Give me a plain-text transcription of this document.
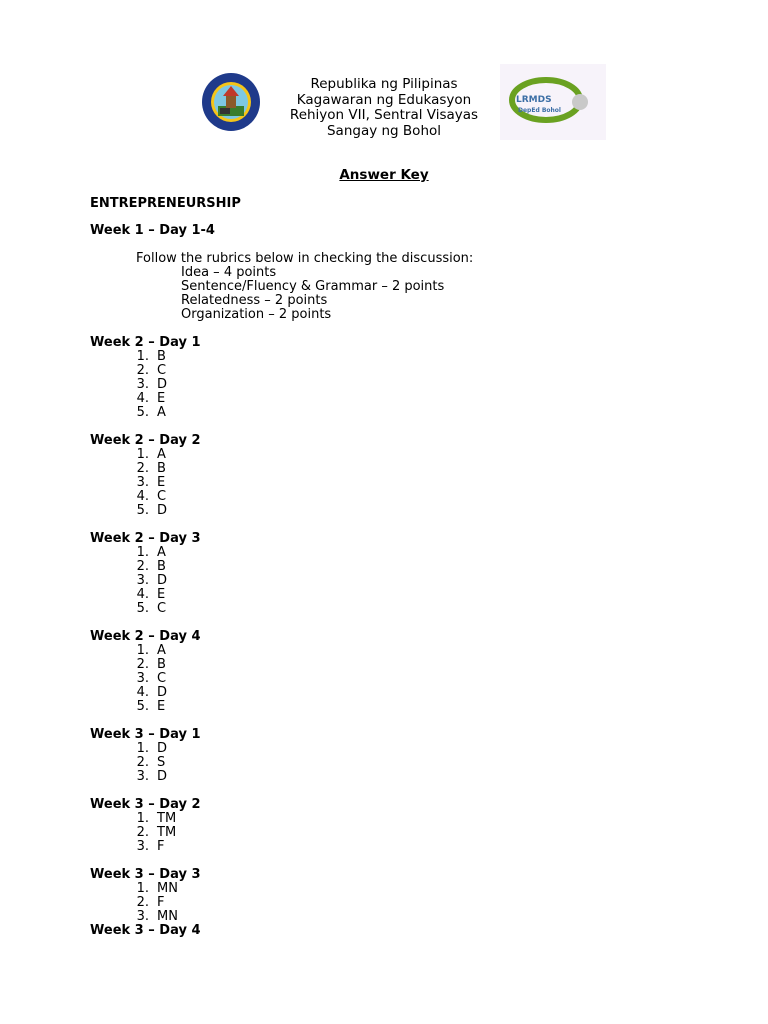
Republika ng Pilipinas
Kagawaran ng Edukasyon
Rehiyon VII, Sentral Visayas
Sangay ng Bohol
LRMDS
DepEd Bohol
Answer Key
ENTREPRENEURSHIP
Week 1 – Day 1-4
Follow the rubrics below in checking the discussion:
Idea – 4 points
Sentence/Fluency & Grammar – 2 points
Relatedness – 2 points
Organization – 2 points
Week 2 – Day 1
1. B
2. C
3. D
4. E
5. A
Week 2 – Day 2
1. A
2. B
3. E
4. C
5. D
Week 2 – Day 3
1. A
2. B
3. D
4. E
5. C
Week 2 – Day 4
1. A
2. B
3. C
4. D
5. E
Week 3 – Day 1
1. D
2. S
3. D
Week 3 – Day 2
1. TM
2. TM
3. F
Week 3 – Day 3
1. MN
2. F
3. MN
Week 3 – Day 4
